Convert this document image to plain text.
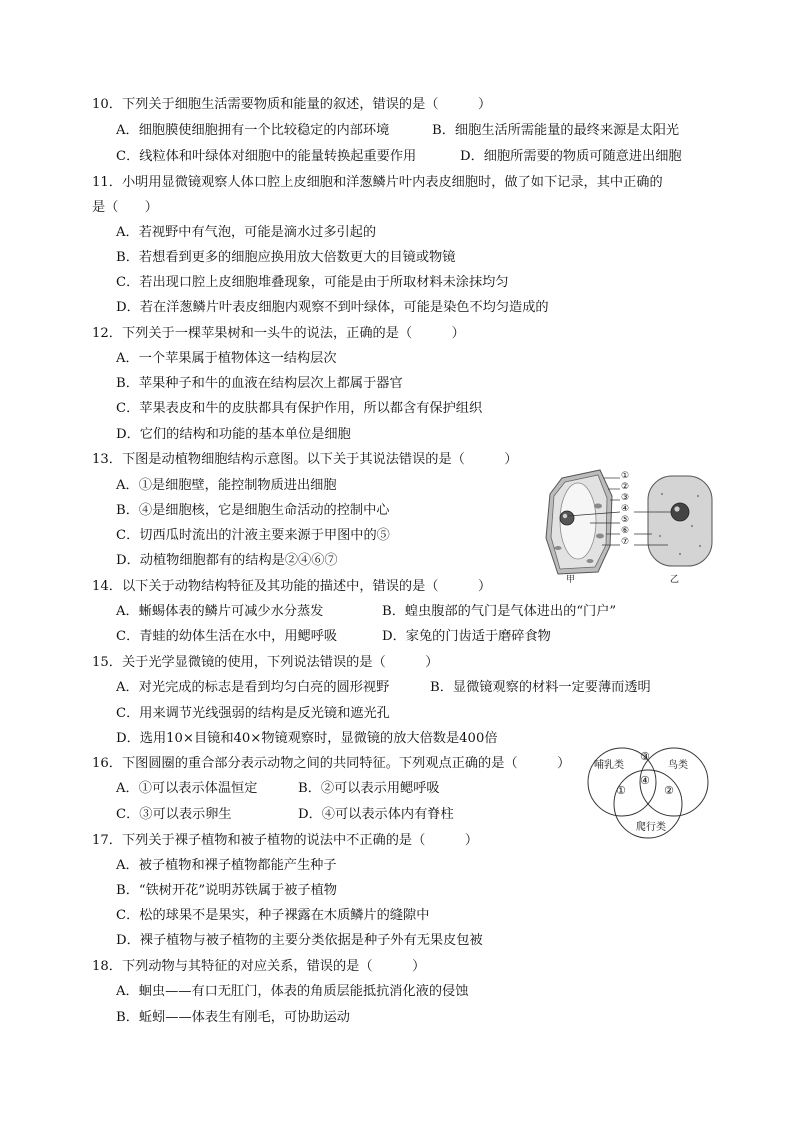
10．下列关于细胞生活需要物质和能量的叙述，错误的是（　　　）
A．细胞膜使细胞拥有一个比较稳定的内部环境	B．细胞生活所需能量的最终来源是太阳光
C．线粒体和叶绿体对细胞中的能量转换起重要作用	D．细胞所需要的物质可随意进出细胞
11．小明用显微镜观察人体口腔上皮细胞和洋葱鳞片叶内表皮细胞时，做了如下记录，其中正确的
是（　　）
A．若视野中有气泡，可能是滴水过多引起的
B．若想看到更多的细胞应换用放大倍数更大的目镜或物镜
C．若出现口腔上皮细胞堆叠现象，可能是由于所取材料未涂抹均匀
D．若在洋葱鳞片叶表皮细胞内观察不到叶绿体，可能是染色不均匀造成的
12．下列关于一棵苹果树和一头牛的说法，正确的是（　　　）
A．一个苹果属于植物体这一结构层次
B．苹果种子和牛的血液在结构层次上都属于器官
C．苹果表皮和牛的皮肤都具有保护作用，所以都含有保护组织
D．它们的结构和功能的基本单位是细胞
13．下图是动植物细胞结构示意图。以下关于其说法错误的是（　　　）
A．①是细胞壁，能控制物质进出细胞
B．④是细胞核，它是细胞生命活动的控制中心
C．切西瓜时流出的汁液主要来源于甲图中的⑤
D．动植物细胞都有的结构是②④⑥⑦
①
②
③
④
⑤
⑥
⑦
甲	乙
14．以下关于动物结构特征及其功能的描述中，错误的是（　　　）
A．蜥蜴体表的鳞片可减少水分蒸发	B．蝗虫腹部的气门是气体进出的“门户”
C．青蛙的幼体生活在水中，用鳃呼吸	D．家兔的门齿适于磨碎食物
15．关于光学显微镜的使用，下列说法错误的是（　　　）
A．对光完成的标志是看到均匀白亮的圆形视野	B．显微镜观察的材料一定要薄而透明
C．用来调节光线强弱的结构是反光镜和遮光孔
D．选用10×目镜和40×物镜观察时，显微镜的放大倍数是400倍
16．下图圆圈的重合部分表示动物之间的共同特征。下列观点正确的是（　　　）
A．①可以表示体温恒定	B．②可以表示用鳃呼吸
C．③可以表示卵生	D．④可以表示体内有脊柱
哺乳类	鸟类
爬行类
③
④
①	②
17．下列关于裸子植物和被子植物的说法中不正确的是（　　　）
A．被子植物和裸子植物都能产生种子
B．“铁树开花”说明苏铁属于被子植物
C．松的球果不是果实，种子裸露在木质鳞片的缝隙中
D．裸子植物与被子植物的主要分类依据是种子外有无果皮包被
18．下列动物与其特征的对应关系，错误的是（　　　）
A．蛔虫——有口无肛门，体表的角质层能抵抗消化液的侵蚀
B．蚯蚓——体表生有刚毛，可协助运动
